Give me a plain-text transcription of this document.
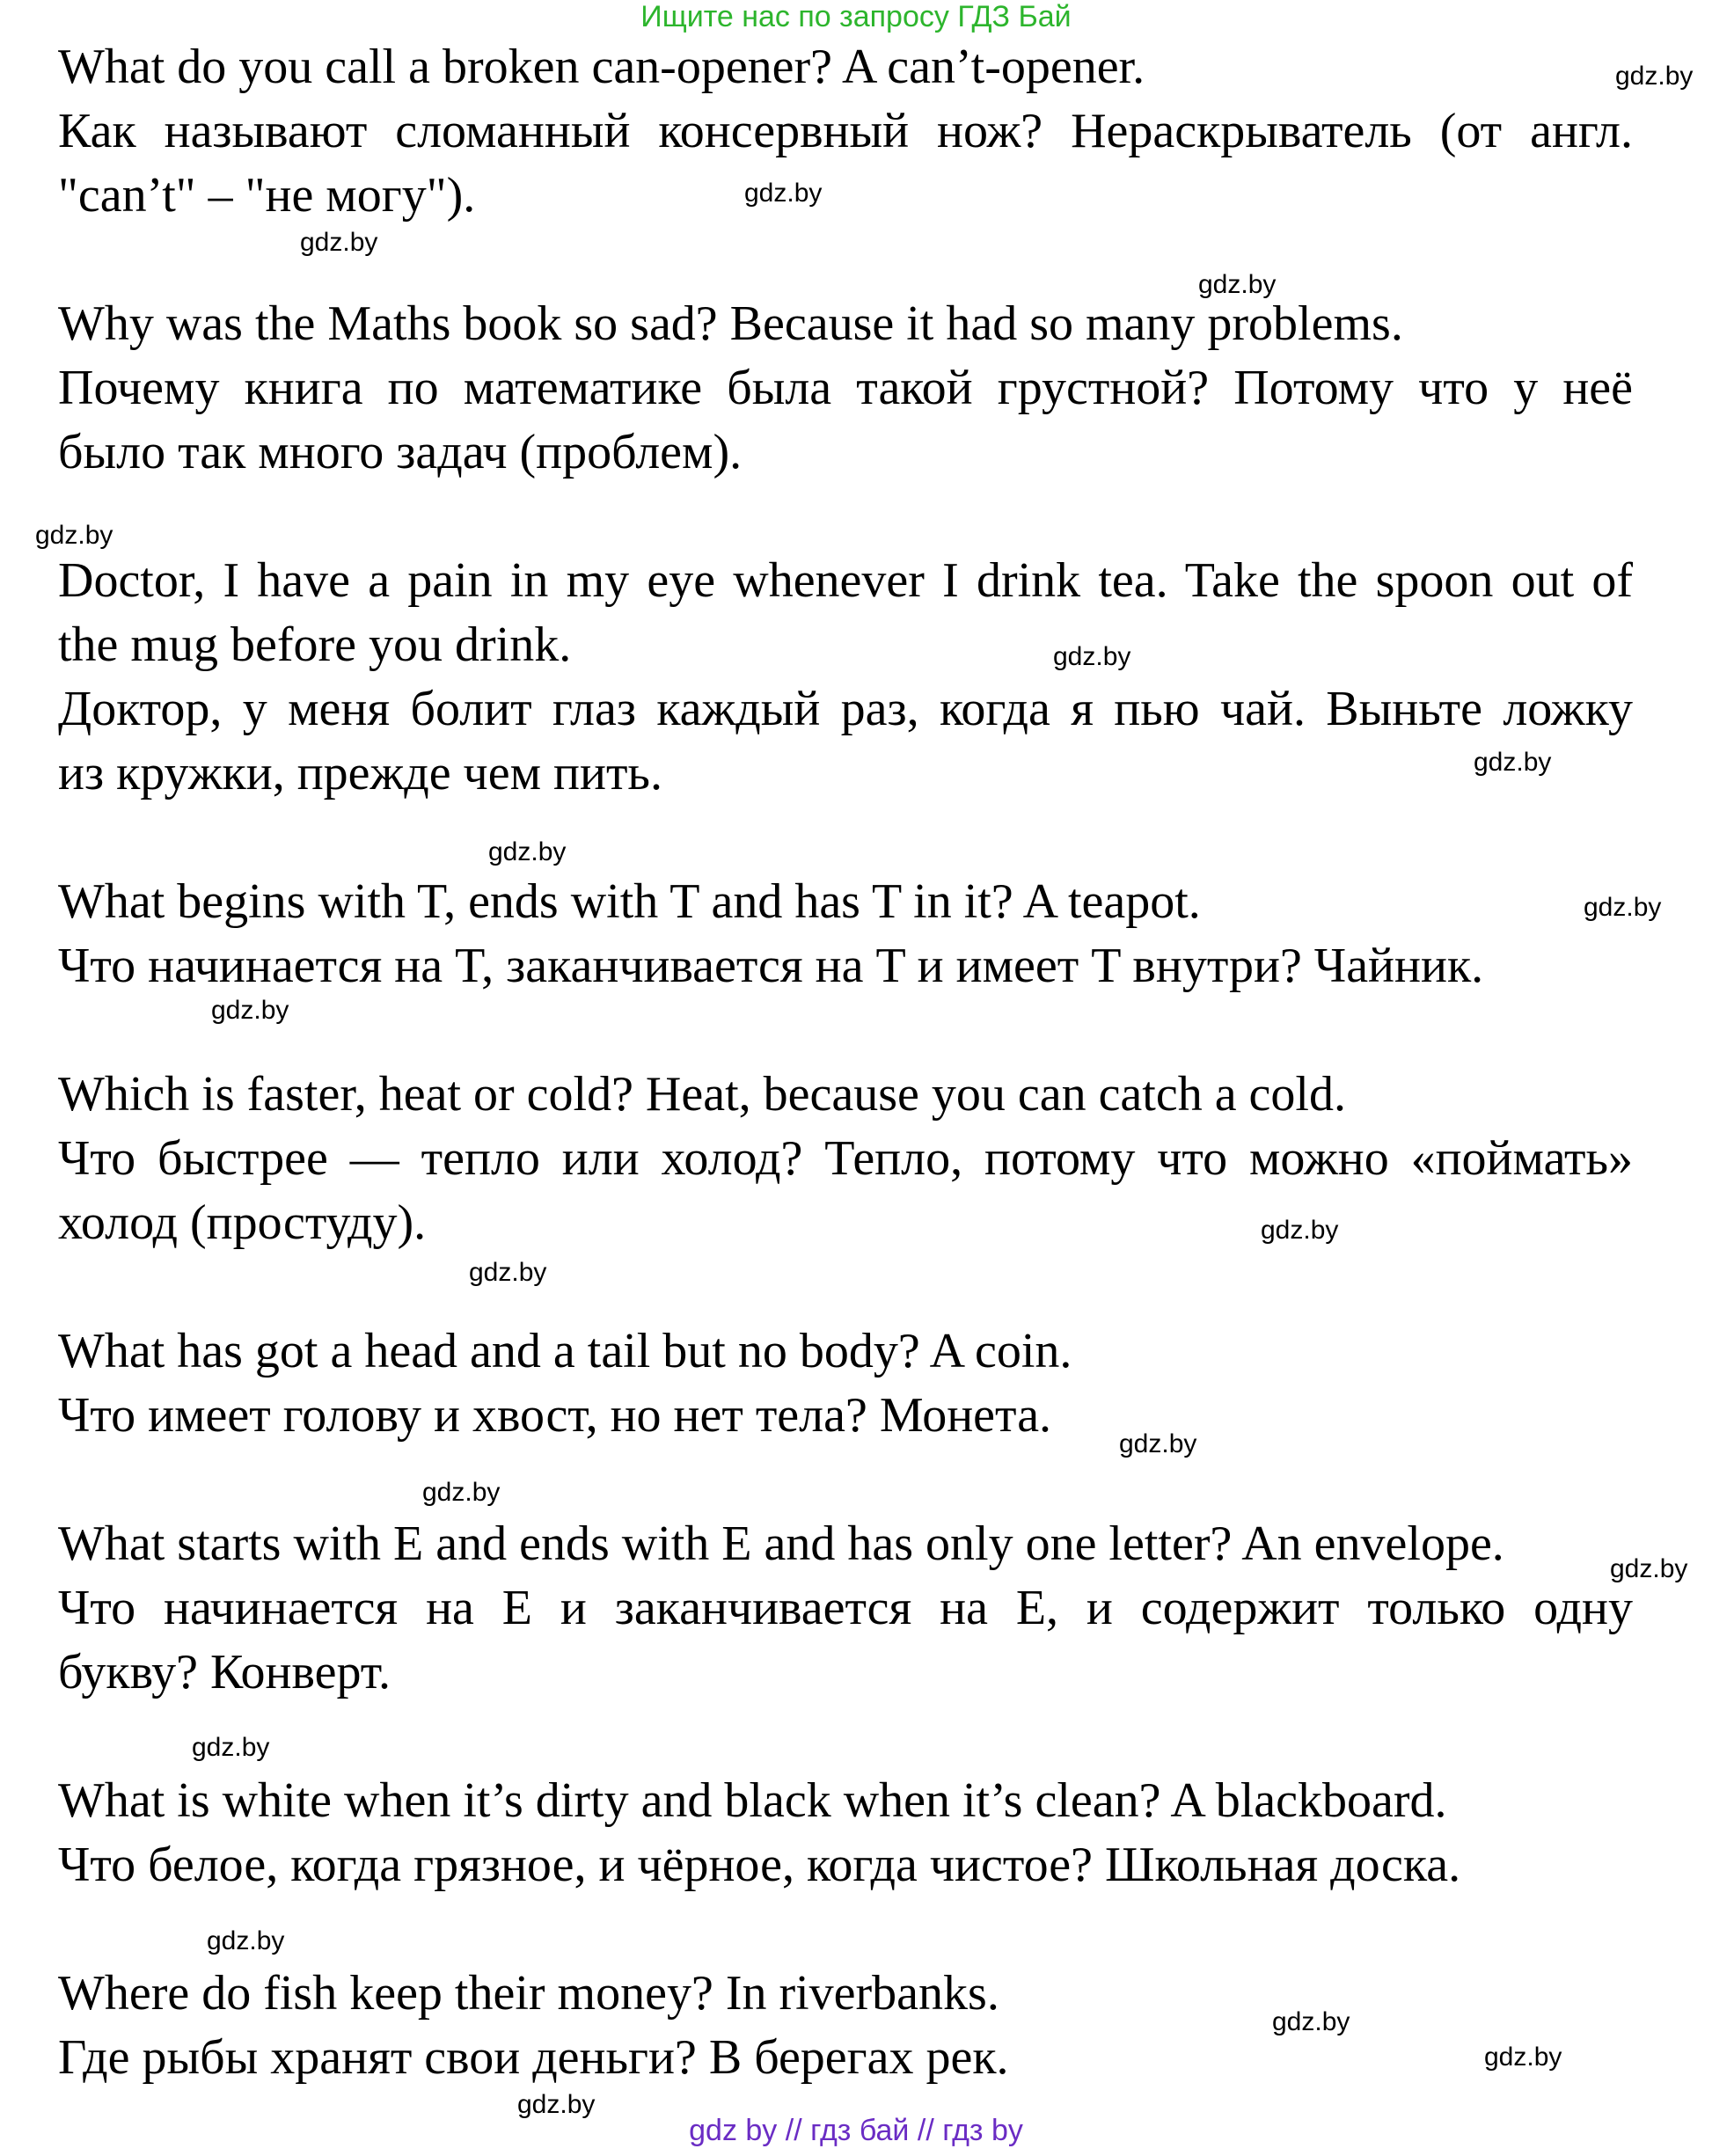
Ищите нас по запросу ГДЗ Бай
What do you call a broken can-opener? A can’t-opener.
Как называют сломанный консервный нож? Нераскрыватель (от англ.
"can’t" – "не могу").
Why was the Maths book so sad? Because it had so many problems.
Почему книга по математике была такой грустной? Потому что у неё
было так много задач (проблем).
Doctor, I have a pain in my eye whenever I drink tea. Take the spoon out of
the mug before you drink.
Доктор, у меня болит глаз каждый раз, когда я пью чай. Выньте ложку
из кружки, прежде чем пить.
What begins with T, ends with T and has T in it? A teapot.
Что начинается на T, заканчивается на T и имеет T внутри? Чайник.
Which is faster, heat or cold? Heat, because you can catch a cold.
Что быстрее — тепло или холод? Тепло, потому что можно «поймать»
холод (простуду).
What has got a head and a tail but no body? A coin.
Что имеет голову и хвост, но нет тела? Монета.
What starts with E and ends with E and has only one letter? An envelope.
Что начинается на E и заканчивается на E, и содержит только одну
букву? Конверт.
What is white when it’s dirty and black when it’s clean? A blackboard.
Что белое, когда грязное, и чёрное, когда чистое? Школьная доска.
Where do fish keep their money? In riverbanks.
Где рыбы хранят свои деньги? В берегах рек.
gdz.by
gdz.by
gdz.by
gdz.by
gdz.by
gdz.by
gdz.by
gdz.by
gdz.by
gdz.by
gdz.by
gdz.by
gdz.by
gdz.by
gdz.by
gdz.by
gdz.by
gdz.by
gdz.by
gdz.by
gdz by // гдз бай // гдз by
